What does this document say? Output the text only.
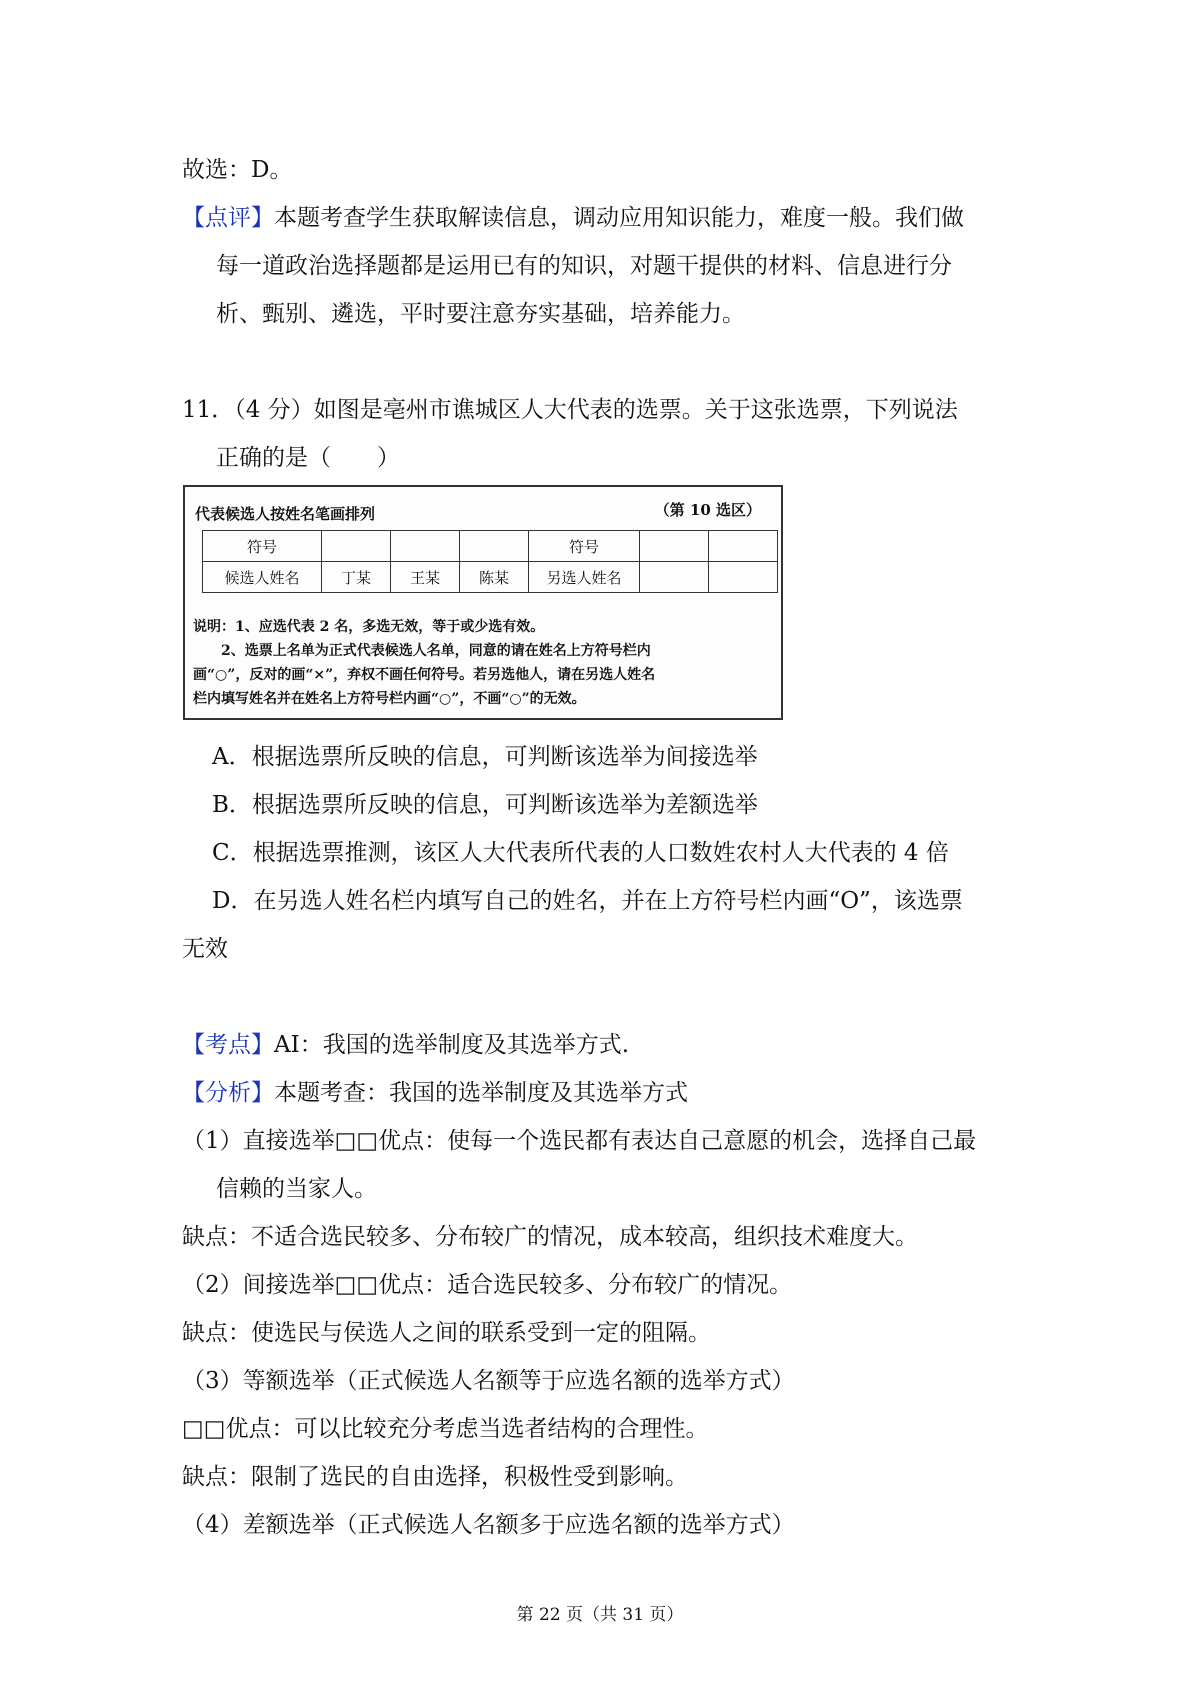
故选：D。
【点评】本题考查学生获取解读信息，调动应用知识能力，难度一般。我们做
每一道政治选择题都是运用已有的知识，对题干提供的材料、信息进行分
析、甄别、遴选，平时要注意夯实基础，培养能力。
11．（4 分）如图是亳州市谯城区人大代表的选票。关于这张选票，下列说法
正确的是（　　）
代表候选人按姓名笔画排列	（第 10 选区）
符号				符号		
候选人姓名	丁某	王某	陈某	另选人姓名		
说明：1、应选代表 2 名，多选无效，等于或少选有效。
　　2、选票上名单为正式代表候选人名单，同意的请在姓名上方符号栏内
画“○”，反对的画“×”，弃权不画任何符号。若另选他人，请在另选人姓名
栏内填写姓名并在姓名上方符号栏内画“○”，不画“○”的无效。
A．根据选票所反映的信息，可判断该选举为间接选举
B．根据选票所反映的信息，可判断该选举为差额选举
C．根据选票推测，该区人大代表所代表的人口数姓农村人大代表的 4 倍
D．在另选人姓名栏内填写自己的姓名，并在上方符号栏内画“O”，该选票
无效
【考点】AI：我国的选举制度及其选举方式.
【分析】本题考查：我国的选举制度及其选举方式
（1）直接选举□□优点：使每一个选民都有表达自己意愿的机会，选择自己最
信赖的当家人。
缺点：不适合选民较多、分布较广的情况，成本较高，组织技术难度大。
（2）间接选举□□优点：适合选民较多、分布较广的情况。
缺点：使选民与侯选人之间的联系受到一定的阻隔。
（3）等额选举（正式候选人名额等于应选名额的选举方式）
□□优点：可以比较充分考虑当选者结构的合理性。
缺点：限制了选民的自由选择，积极性受到影响。
（4）差额选举（正式候选人名额多于应选名额的选举方式）
第 22 页（共 31 页）
